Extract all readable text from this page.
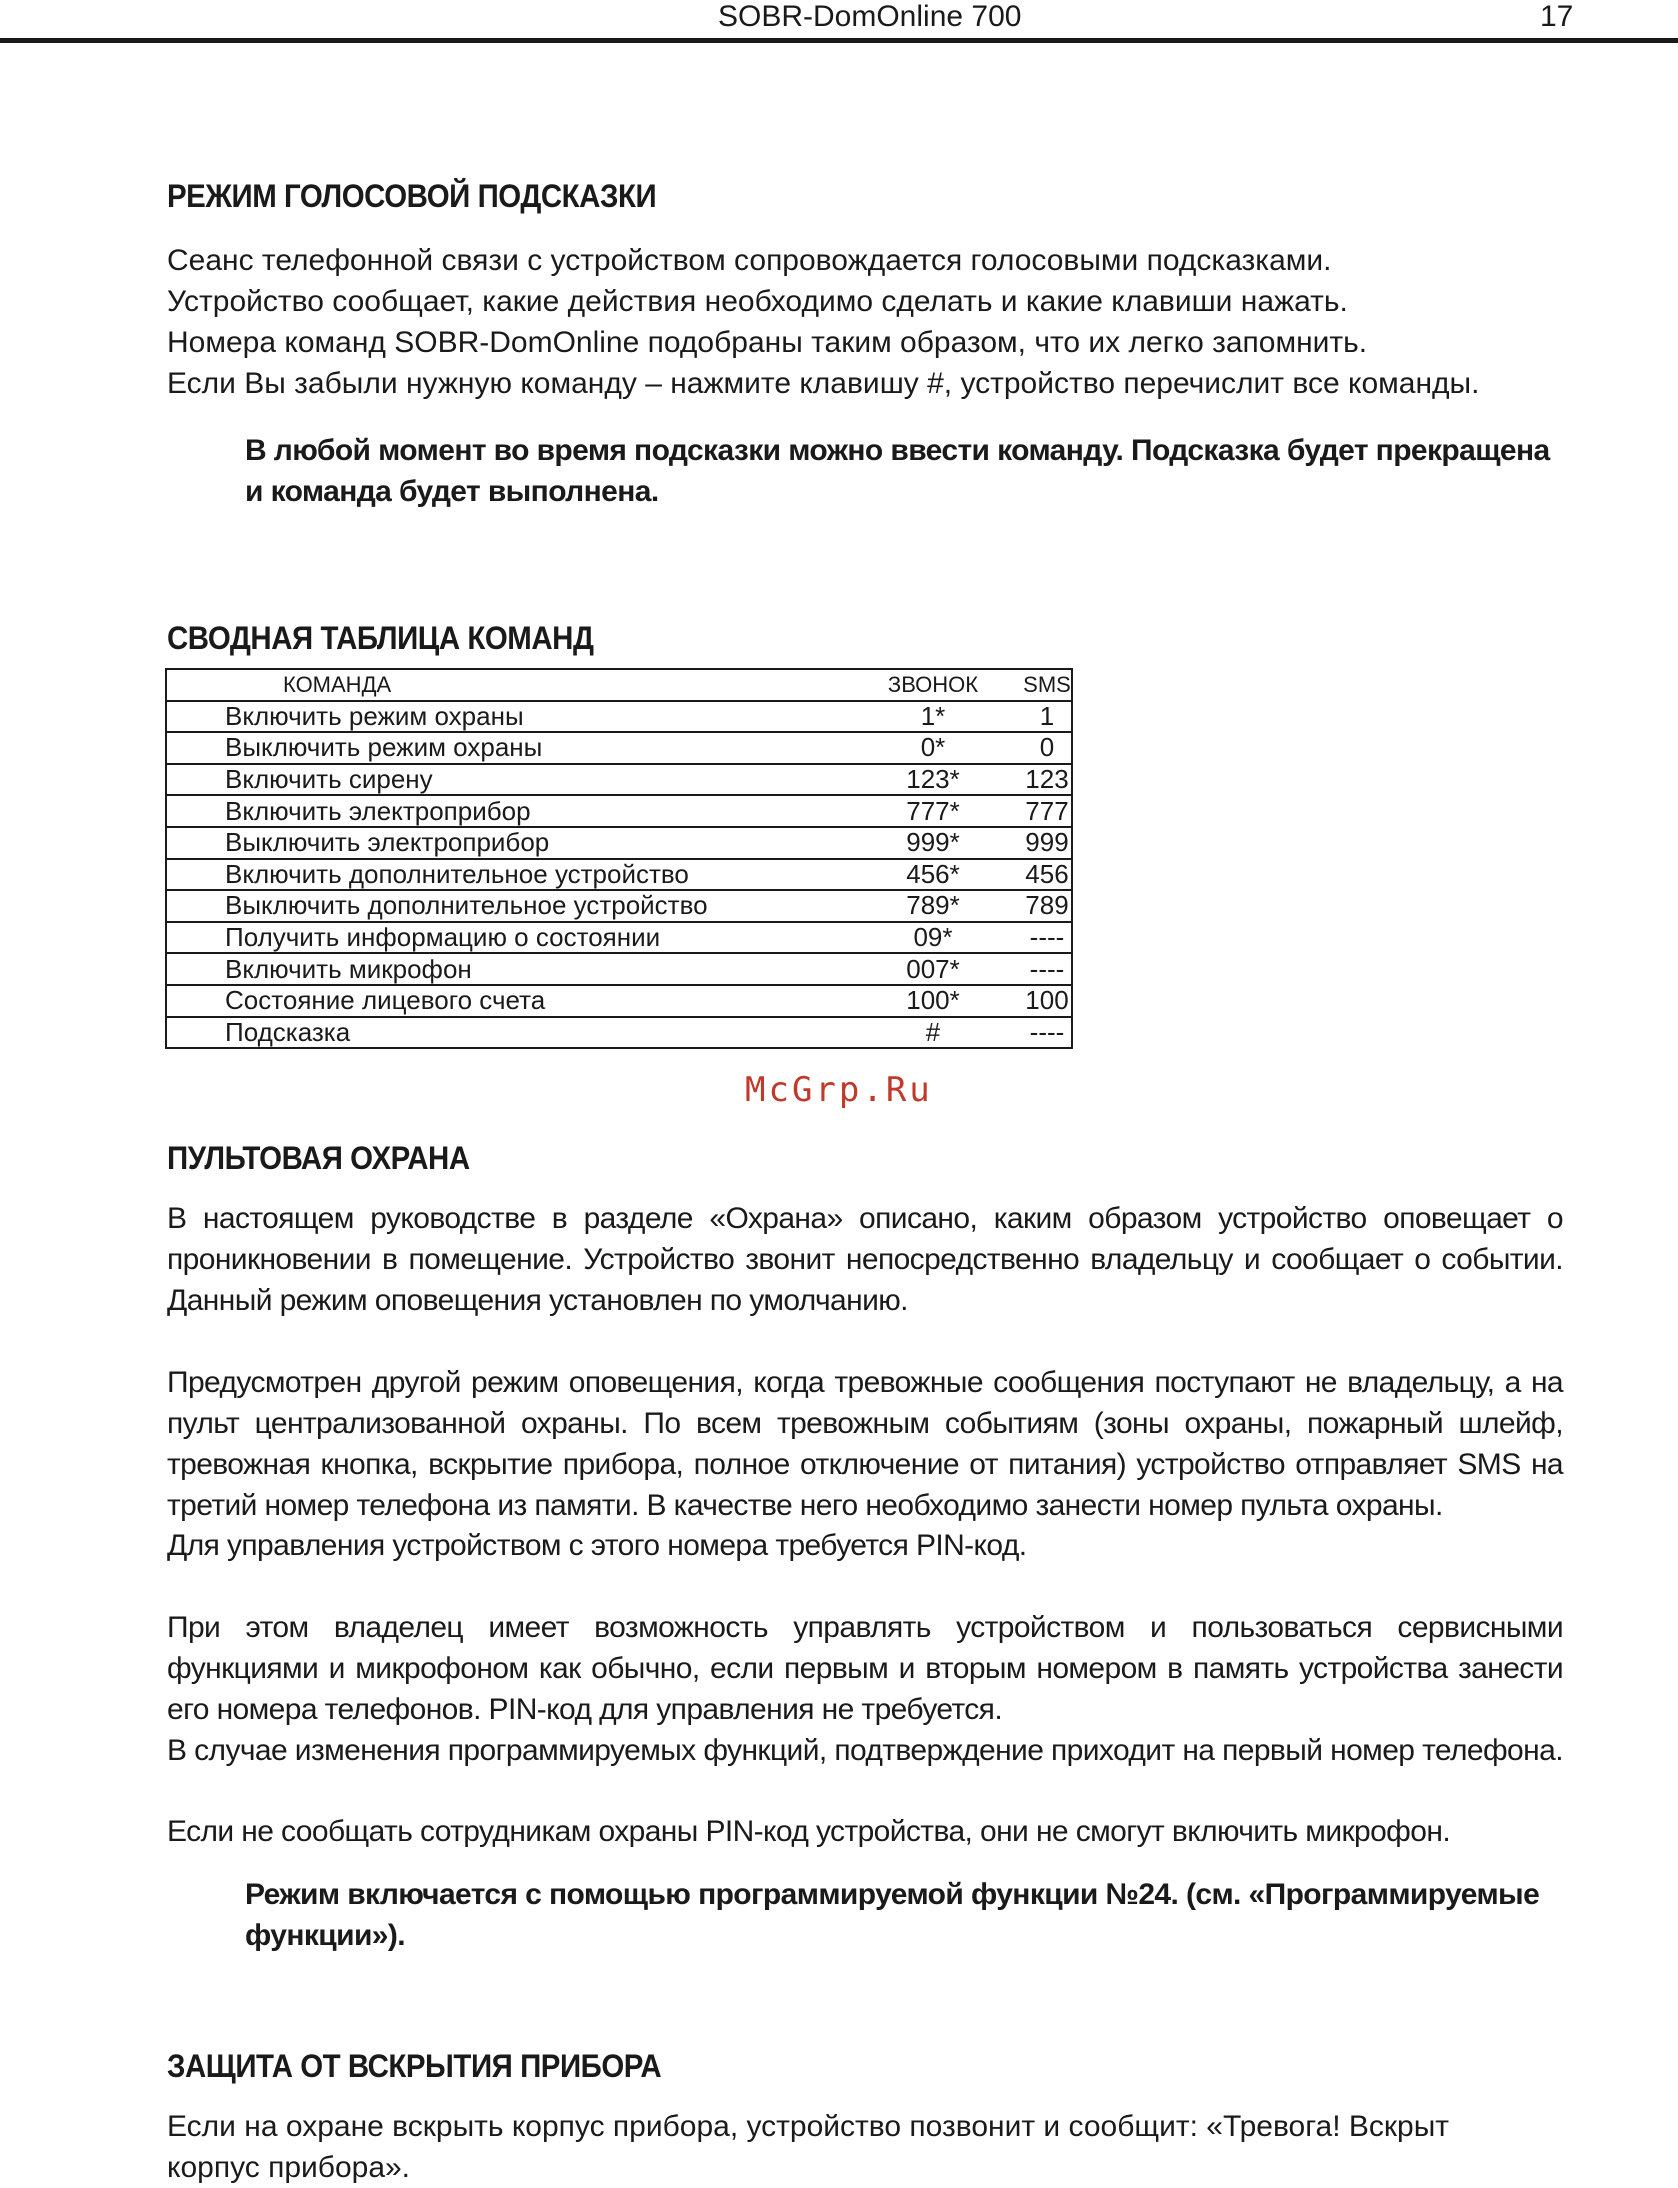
SOBR-DomOnline 700	17
РЕЖИМ ГОЛОСОВОЙ ПОДСКАЗКИ

Сеанс телефонной связи с устройством сопровождается голосовыми подсказками.

Устройство сообщает, какие действия необходимо сделать и какие клавиши нажать.

Номера команд SOBR-DomOnline подобраны таким образом, что их легко запомнить.

Если Вы забыли нужную команду – нажмите клавишу #, устройство перечислит все команды.

В любой момент во время подсказки можно ввести команду. Подсказка будет прекращена и команда будет выполнена.

СВОДНАЯ ТАБЛИЦА КОМАНД
КОМАНДА	ЗВОНОК	SMS
Включить режим охраны	1*	1
Выключить режим охраны	0*	0
Включить сирену	123*	123
Включить электроприбор	777*	777
Выключить электроприбор	999*	999
Включить дополнительное устройство	456*	456
Выключить дополнительное устройство	789*	789
Получить информацию о состоянии	09*	----
Включить микрофон	007*	----
Состояние лицевого счета	100*	100
Подсказка	#	----
McGrp.Ru
ПУЛЬТОВАЯ ОХРАНА
В настоящем руководстве в разделе «Охрана» описано, каким образом устройство оповещает о проникновении в помещение. Устройство звонит непосредственно владельцу и сообщает о событии. Данный режим оповещения установлен по умолчанию.
Предусмотрен другой режим оповещения, когда тревожные сообщения поступают не владельцу, а на пульт централизованной охраны. По всем тревожным событиям (зоны охраны, пожарный шлейф, тревожная кнопка, вскрытие прибора, полное отключение от питания) устройство отправляет SMS на третий номер телефона из памяти. В качестве него необходимо занести номер пульта охраны.
Для управления устройством с этого номера требуется PIN-код.
При этом владелец имеет возможность управлять устройством и пользоваться сервисными функциями и микрофоном как обычно, если первым и вторым номером в память устройства занести его номера телефонов. PIN-код для управления не требуется.
В случае изменения программируемых функций, подтверждение приходит на первый номер телефона.
Если не сообщать сотрудникам охраны PIN-код устройства, они не смогут включить микрофон.

Режим включается с помощью программируемой функции №24. (см. «Программируемые функции»).

ЗАЩИТА ОТ ВСКРЫТИЯ ПРИБОРА
Если на охране вскрыть корпус прибора, устройство позвонит и сообщит: «Тревога! Вскрыт корпус прибора».
